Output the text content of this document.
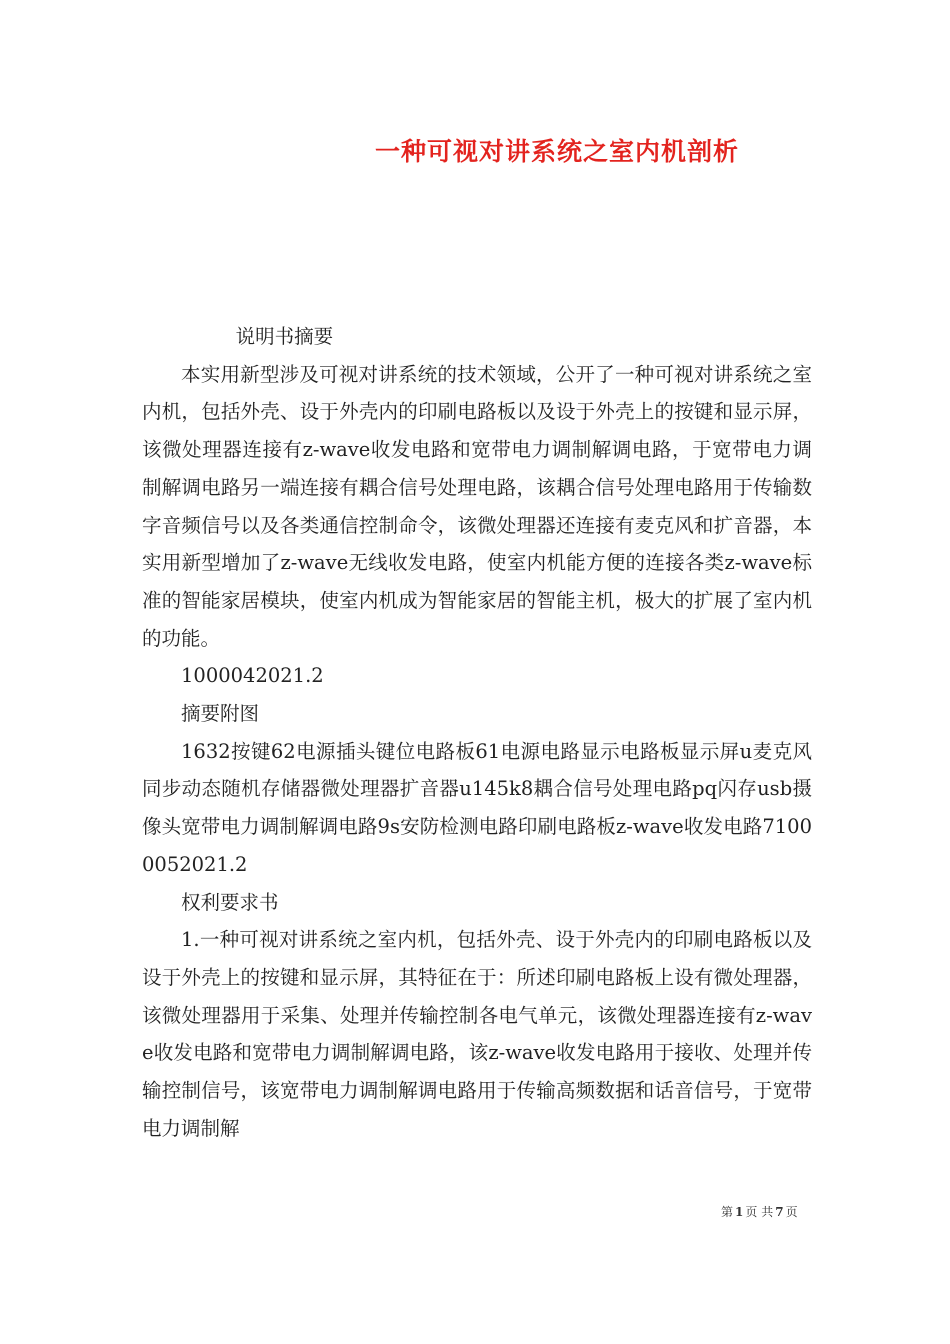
一种可视对讲系统之室内机剖析

说明书摘要

本实用新型涉及可视对讲系统的技术领域，公开了一种可视对讲系统之室内机，包括外壳、设于外壳内的印刷电路板以及设于外壳上的按键和显示屏，该微处理器连接有z-wave收发电路和宽带电力调制解调电路，于宽带电力调制解调电路另一端连接有耦合信号处理电路，该耦合信号处理电路用于传输数字音频信号以及各类通信控制命令，该微处理器还连接有麦克风和扩音器，本实用新型增加了z-wave无线收发电路，使室内机能方便的连接各类z-wave标准的智能家居模块，使室内机成为智能家居的智能主机，极大的扩展了室内机的功能。

1000042021.2

摘要附图

1632按键62电源插头键位电路板61电源电路显示电路板显示屏u麦克风同步动态随机存储器微处理器扩音器u145k8耦合信号处理电路pq闪存usb摄像头宽带电力调制解调电路9s安防检测电路印刷电路板z-wave收发电路71000052021.2

权利要求书

1.一种可视对讲系统之室内机，包括外壳、设于外壳内的印刷电路板以及设于外壳上的按键和显示屏，其特征在于：所述印刷电路板上设有微处理器，该微处理器用于采集、处理并传输控制各电气单元，该微处理器连接有z-wave收发电路和宽带电力调制解调电路，该z-wave收发电路用于接收、处理并传输控制信号，该宽带电力调制解调电路用于传输高频数据和话音信号，于宽带电力调制解

第 1 页 共 7 页
